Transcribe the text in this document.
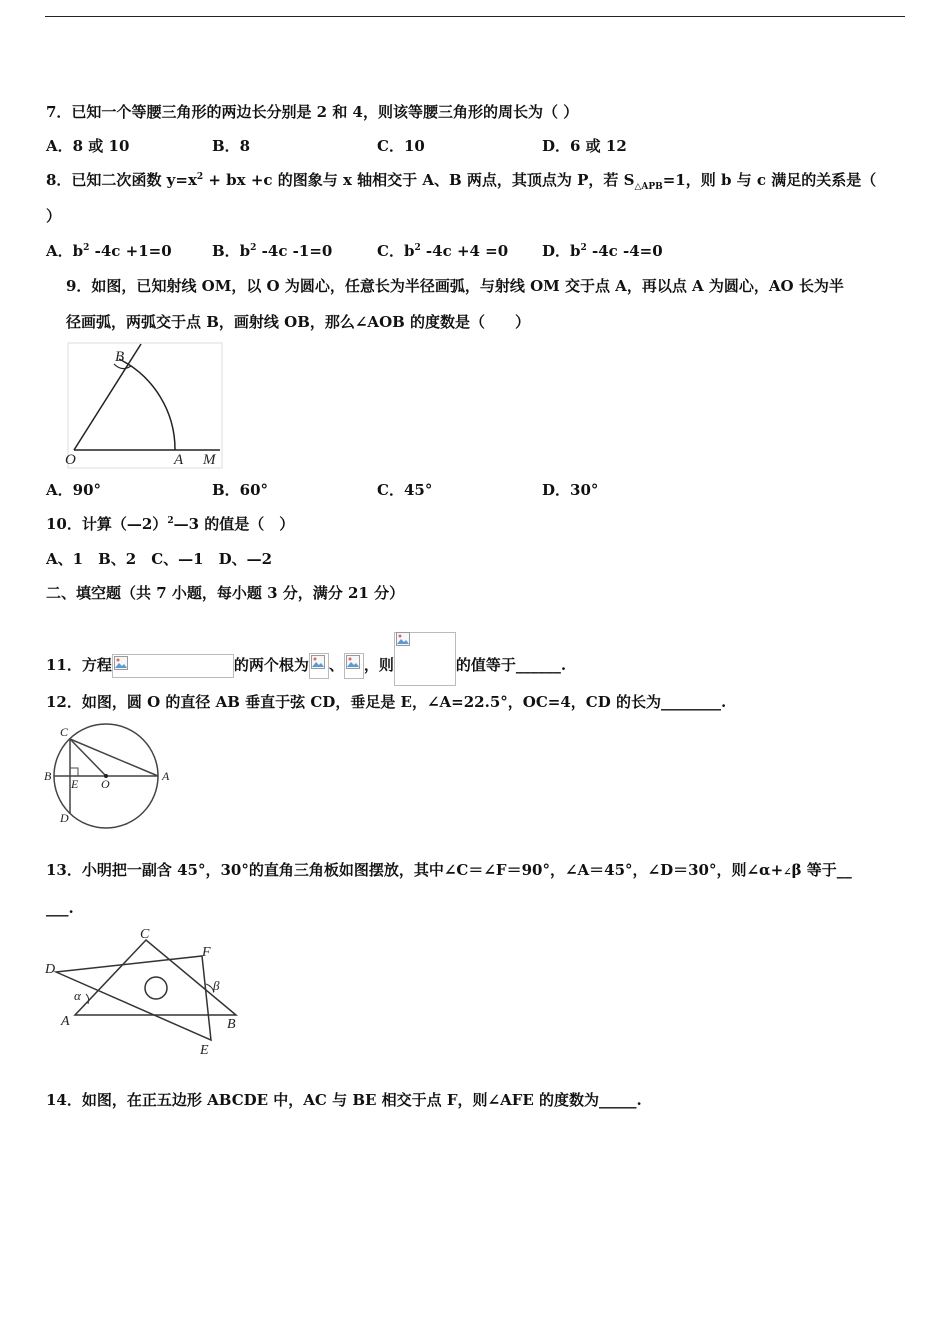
7．已知一个等腰三角形的两边长分别是 2 和 4，则该等腰三角形的周长为（ ）
A．8 或 10	B．8	C．10	D．6 或 12
8．已知二次函数 $y=x^2$ + bx +c 的图象与 x 轴相交于 A、B 两点，其顶点为 P，若 $S_{\triangle APB}=1$，则 b 与 c 满足的关系是（
）
A．$b^2$ -4c +1=0	B．$b^2$ -4c -1=0	C．$b^2$ -4c +4 =0 D．$b^2$ -4c -4=0
9．如图，已知射线 OM，以 O 为圆心，任意长为半径画弧，与射线 OM 交于点 A，再以点 A 为圆心，AO 长为半
径画弧，两弧交于点 B，画射线 OB，那么∠AOB 的度数是（　　）
B
O	A M
A．90°	B．60°	C．45°	D．30°
10．计算（—2）$^2$—3 的值是（　）
A、1　B、2　C、—1　D、—2
二、填空题（共 7 小题，每小题 3 分，满分 21 分）
11．方程	的两个根为 、 ，则	的值等于______.
12．如图，圆 O 的直径 AB 垂直于弦 CD，垂足是 E，∠A=22.5°，OC=4，CD 的长为________.
C
B
E O
A
D
13．小明把一副含 45°，30°的直角三角板如图摆放，其中∠C＝∠F＝90°，∠A＝45°，∠D＝30°，则∠α+∠β 等于__
___.
C
F
D
α
β
A	B
E
14．如图，在正五边形 ABCDE 中，AC 与 BE 相交于点 F，则∠AFE 的度数为_____.
